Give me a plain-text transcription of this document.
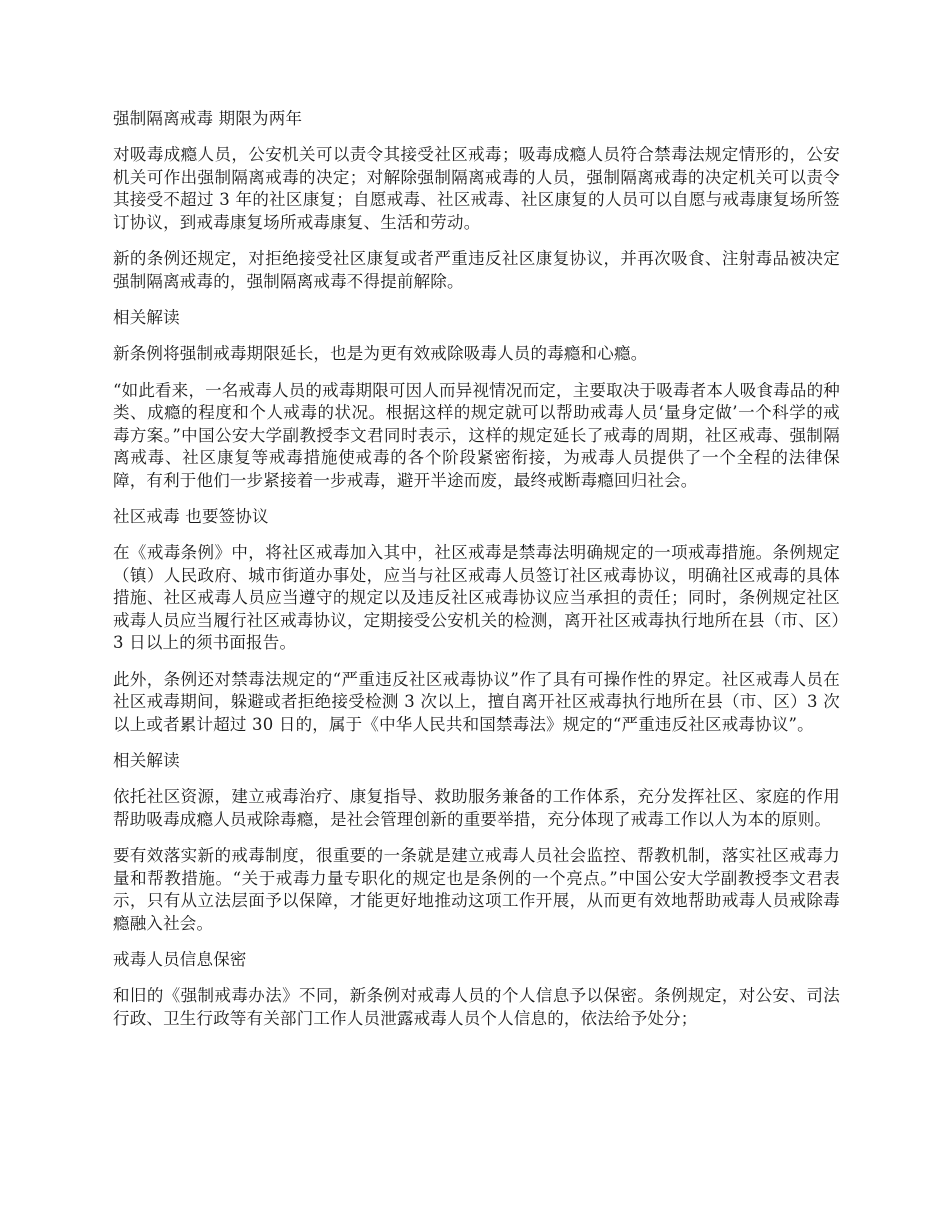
强制隔离戒毒 期限为两年

对吸毒成瘾人员，公安机关可以责令其接受社区戒毒；吸毒成瘾人员符合禁毒法规定情形的，公安机关可作出强制隔离戒毒的决定；对解除强制隔离戒毒的人员，强制隔离戒毒的决定机关可以责令其接受不超过 3 年的社区康复；自愿戒毒、社区戒毒、社区康复的人员可以自愿与戒毒康复场所签订协议，到戒毒康复场所戒毒康复、生活和劳动。

新的条例还规定，对拒绝接受社区康复或者严重违反社区康复协议，并再次吸食、注射毒品被决定强制隔离戒毒的，强制隔离戒毒不得提前解除。

相关解读

新条例将强制戒毒期限延长，也是为更有效戒除吸毒人员的毒瘾和心瘾。

“如此看来，一名戒毒人员的戒毒期限可因人而异视情况而定，主要取决于吸毒者本人吸食毒品的种类、成瘾的程度和个人戒毒的状况。根据这样的规定就可以帮助戒毒人员‘量身定做’一个科学的戒毒方案。”中国公安大学副教授李文君同时表示，这样的规定延长了戒毒的周期，社区戒毒、强制隔离戒毒、社区康复等戒毒措施使戒毒的各个阶段紧密衔接，为戒毒人员提供了一个全程的法律保障，有利于他们一步紧接着一步戒毒，避开半途而废，最终戒断毒瘾回归社会。

社区戒毒 也要签协议

在《戒毒条例》中，将社区戒毒加入其中，社区戒毒是禁毒法明确规定的一项戒毒措施。条例规定（镇）人民政府、城市街道办事处，应当与社区戒毒人员签订社区戒毒协议，明确社区戒毒的具体措施、社区戒毒人员应当遵守的规定以及违反社区戒毒协议应当承担的责任；同时，条例规定社区戒毒人员应当履行社区戒毒协议，定期接受公安机关的检测，离开社区戒毒执行地所在县（市、区）3 日以上的须书面报告。

此外，条例还对禁毒法规定的“严重违反社区戒毒协议”作了具有可操作性的界定。社区戒毒人员在社区戒毒期间，躲避或者拒绝接受检测 3 次以上，擅自离开社区戒毒执行地所在县（市、区）3 次以上或者累计超过 30 日的，属于《中华人民共和国禁毒法》规定的“严重违反社区戒毒协议”。

相关解读

依托社区资源，建立戒毒治疗、康复指导、救助服务兼备的工作体系，充分发挥社区、家庭的作用帮助吸毒成瘾人员戒除毒瘾，是社会管理创新的重要举措，充分体现了戒毒工作以人为本的原则。

要有效落实新的戒毒制度，很重要的一条就是建立戒毒人员社会监控、帮教机制，落实社区戒毒力量和帮教措施。“关于戒毒力量专职化的规定也是条例的一个亮点。”中国公安大学副教授李文君表示，只有从立法层面予以保障，才能更好地推动这项工作开展，从而更有效地帮助戒毒人员戒除毒瘾融入社会。

戒毒人员信息保密

和旧的《强制戒毒办法》不同，新条例对戒毒人员的个人信息予以保密。条例规定，对公安、司法行政、卫生行政等有关部门工作人员泄露戒毒人员个人信息的，依法给予处分；
